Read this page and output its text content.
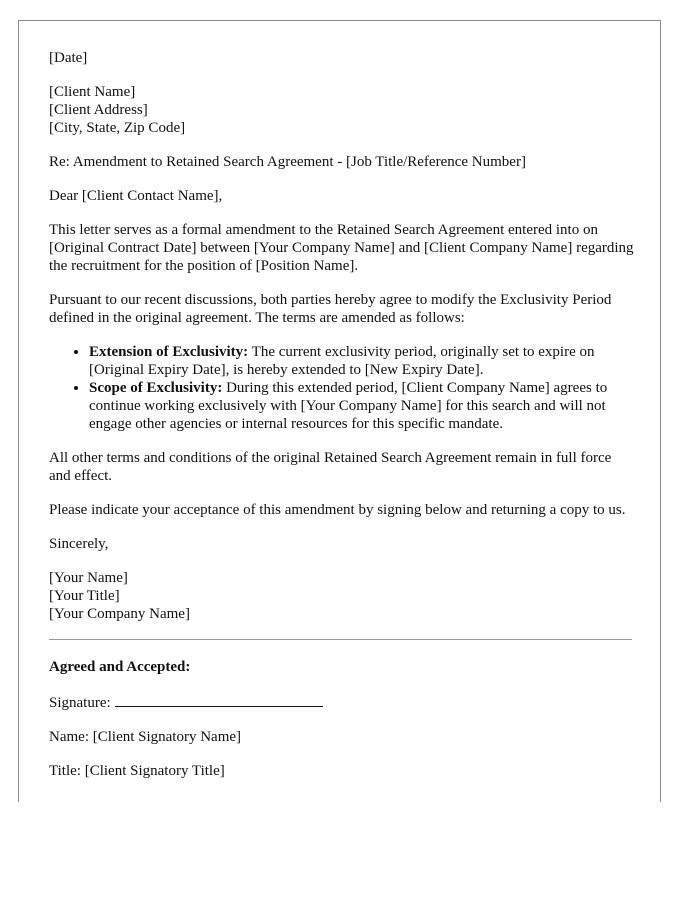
[Date]

[Client Name]
[Client Address]
[City, State, Zip Code]

Re: Amendment to Retained Search Agreement - [Job Title/Reference Number]

Dear [Client Contact Name],

This letter serves as a formal amendment to the Retained Search Agreement entered into on [Original Contract Date] between [Your Company Name] and [Client Company Name] regarding the recruitment for the position of [Position Name].

Pursuant to our recent discussions, both parties hereby agree to modify the Exclusivity Period defined in the original agreement. The terms are amended as follows:

• Extension of Exclusivity: The current exclusivity period, originally set to expire on [Original Expiry Date], is hereby extended to [New Expiry Date].
• Scope of Exclusivity: During this extended period, [Client Company Name] agrees to continue working exclusively with [Your Company Name] for this search and will not engage other agencies or internal resources for this specific mandate.

All other terms and conditions of the original Retained Search Agreement remain in full force and effect.

Please indicate your acceptance of this amendment by signing below and returning a copy to us.

Sincerely,

[Your Name]
[Your Title]
[Your Company Name]

Agreed and Accepted:

Signature:

Name: [Client Signatory Name]

Title: [Client Signatory Title]
